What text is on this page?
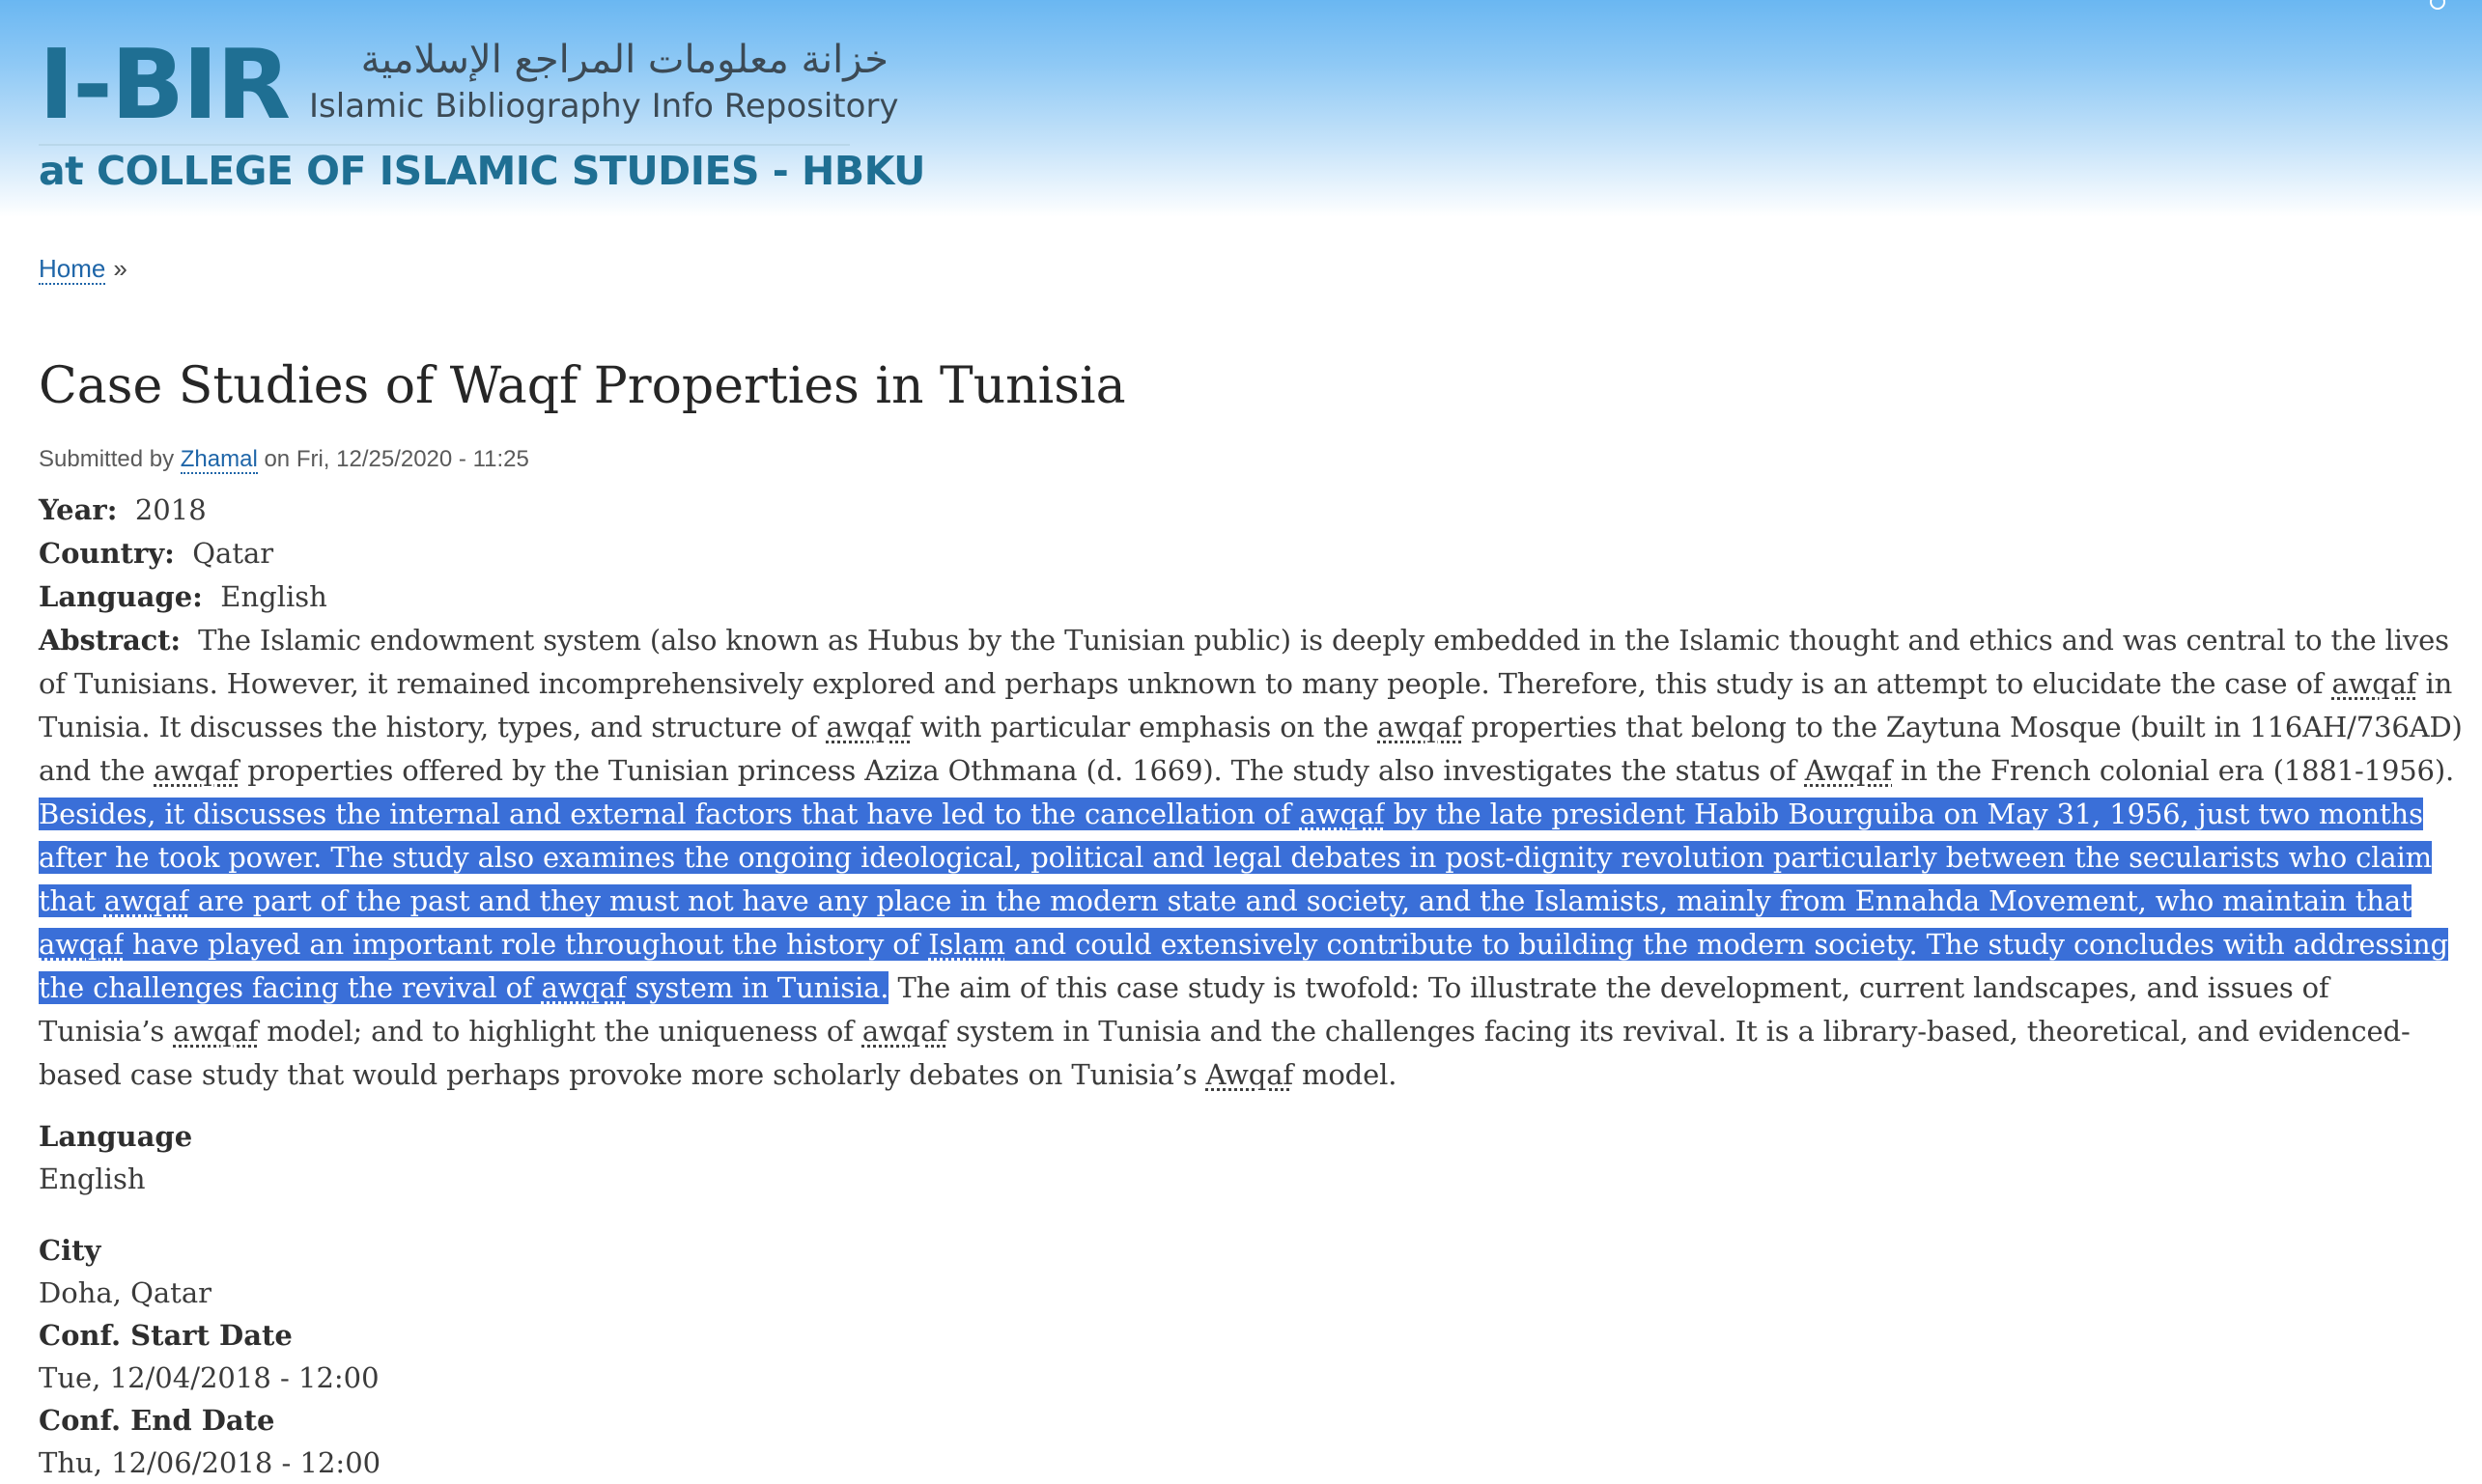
I-BIR	خزانة معلومات المراجع الإسلامية
Islamic Bibliography Info Repository
at COLLEGE OF ISLAMIC STUDIES - HBKU
Home »
Case Studies of Waqf Properties in Tunisia
Submitted by Zhamal on Fri, 12/25/2020 - 11:25

Year: 2018

Country: Qatar

Language: English

Abstract: The Islamic endowment system (also known as Hubus by the Tunisian public) is deeply embedded in the Islamic thought and ethics and was central to the lives of Tunisians. However, it remained incomprehensively explored and perhaps unknown to many people. Therefore, this study is an attempt to elucidate the case of awqaf in Tunisia. It discusses the history, types, and structure of awqaf with particular emphasis on the awqaf properties that belong to the Zaytuna Mosque (built in 116AH/736AD) and the awqaf properties offered by the Tunisian princess Aziza Othmana (d. 1669). The study also investigates the status of Awqaf in the French colonial era (1881-1956). Besides, it discusses the internal and external factors that have led to the cancellation of awqaf by the late president Habib Bourguiba on May 31, 1956, just two months after he took power. The study also examines the ongoing ideological, political and legal debates in post-dignity revolution particularly between the secularists who claim that awqaf are part of the past and they must not have any place in the modern state and society, and the Islamists, mainly from Ennahda Movement, who maintain that awqaf have played an important role throughout the history of Islam and could extensively contribute to building the modern society. The study concludes with addressing the challenges facing the revival of awqaf system in Tunisia. The aim of this case study is twofold: To illustrate the development, current landscapes, and issues of Tunisia’s awqaf model; and to highlight the uniqueness of awqaf system in Tunisia and the challenges facing its revival. It is a library-based, theoretical, and evidenced-based case study that would perhaps provoke more scholarly debates on Tunisia’s Awqaf model.

Language
English
City
Doha, Qatar
Conf. Start Date
Tue, 12/04/2018 - 12:00
Conf. End Date
Thu, 12/06/2018 - 12:00
